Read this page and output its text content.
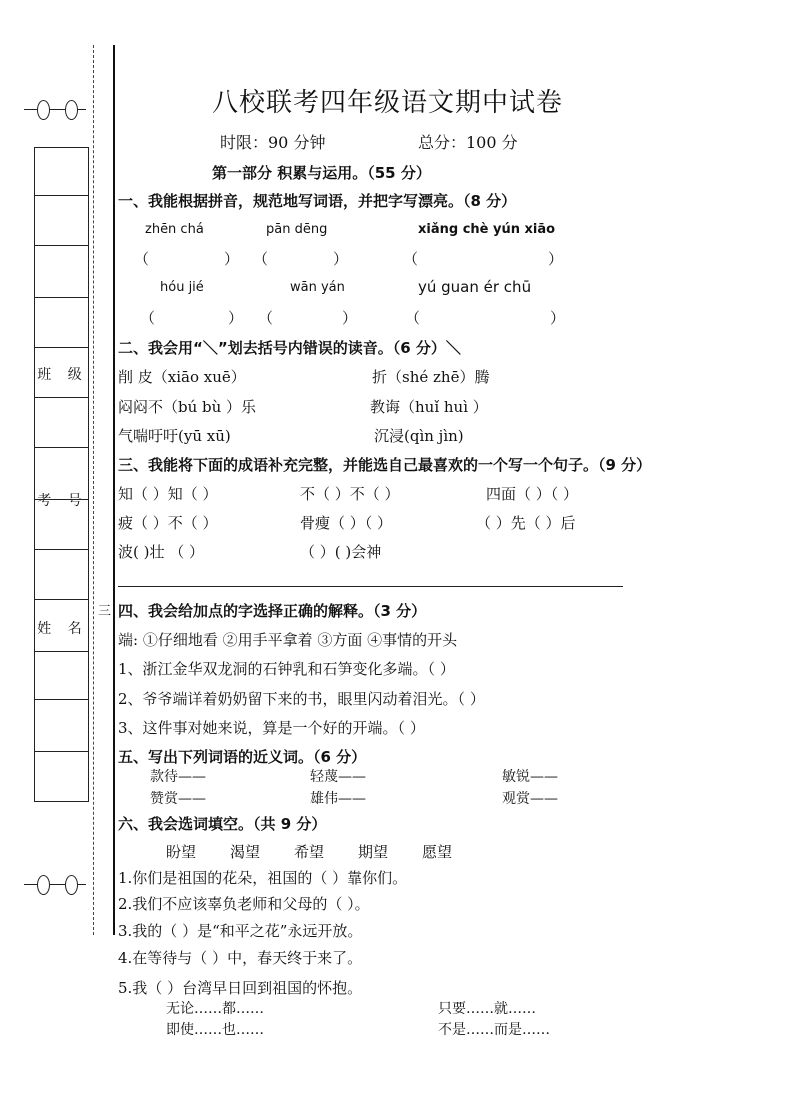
班 级
考 号
姓 名
八校联考四年级语文期中试卷
时限：90 分钟	总分：100 分
第一部分 积累与运用。（55 分）
一、我能根据拼音，规范地写词语，并把字写漂亮。（8 分）
zhēn chá	pān dēng	xiǎng chè yún xiāo
（	） （	）	（	）
hóu jié	wān yán	yú guan ér chū
（	） （	）	（	）
二、我会用“＼”划去括号内错误的读音。（6 分）＼
削 皮（xiāo xuē）	折（shé zhē）腾
闷闷不（bú bù ）乐	教诲（huǐ huì ）
气喘吁吁(yū xū)	沉浸(qìn jìn)
三、我能将下面的成语补充完整，并能选自己最喜欢的一个写一个句子。（9 分）
知（ ）知（ ）	不（ ）不（ ）	四面（ ）（ ）
疲（ ）不（ ）	骨瘦（ ）（ ）	（ ）先（ ）后
波( )壮 （ ）	（ ）( )会神
三 四、我会给加点的字选择正确的解释。（3 分）
端: ①仔细地看 ②用手平拿着 ③方面 ④事情的开头
1、浙江金华双龙洞的石钟乳和石笋变化多端。（ ）
2、爷爷端详着奶奶留下来的书，眼里闪动着泪光。（ ）
3、这件事对她来说，算是一个好的开端。（ ）
五、写出下列词语的近义词。（6 分）
款待——	轻蔑——	敏锐——
赞赏——	雄伟——	观赏——
六、我会选词填空。（共 9 分）
盼望 渴望 希望 期望 愿望
1.你们是祖国的花朵，祖国的（ ）靠你们。
2.我们不应该辜负老师和父母的（ ）。
3.我的（ ）是“和平之花”永远开放。
4.在等待与（ ）中，春天终于来了。
5.我（ ）台湾早日回到祖国的怀抱。
无论……都……	只要……就……
即使……也……	不是……而是……
